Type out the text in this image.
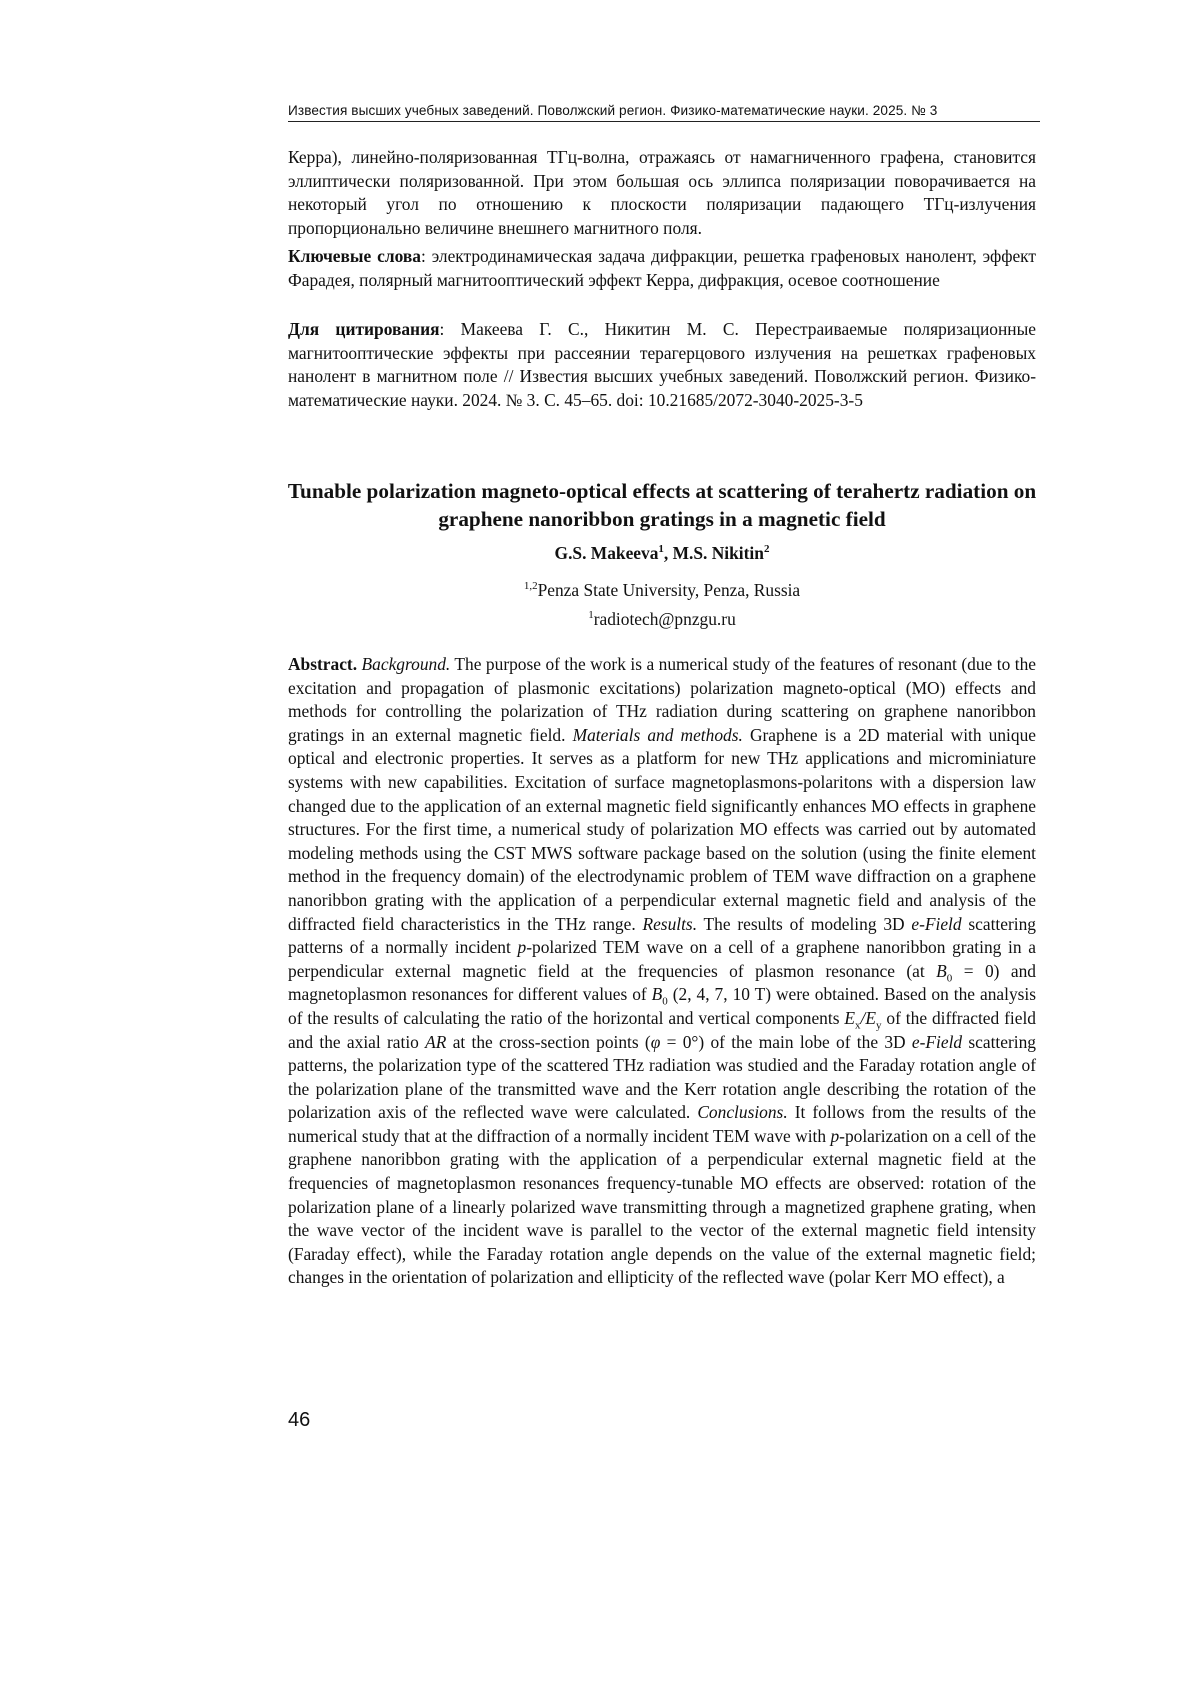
Известия высших учебных заведений. Поволжский регион. Физико-математические науки. 2025. № 3

Керра), линейно-поляризованная ТГц-волна, отражаясь от намагниченного графена, становится эллиптически поляризованной. При этом большая ось эллипса поляризации поворачивается на некоторый угол по отношению к плоскости поляризации падающего ТГц-излучения пропорционально величине внешнего магнитного поля.

Ключевые слова: электродинамическая задача дифракции, решетка графеновых нанолент, эффект Фарадея, полярный магнитооптический эффект Керра, дифракция, осевое соотношение

Для цитирования: Макеева Г. С., Никитин М. С. Перестраиваемые поляризационные магнитооптические эффекты при рассеянии терагерцового излучения на решетках графеновых нанолент в магнитном поле // Известия высших учебных заведений. Поволжский регион. Физико-математические науки. 2024. № 3. С. 45–65. doi: 10.21685/2072-3040-2025-3-5

Tunable polarization magneto-optical effects at scattering of terahertz radiation on graphene nanoribbon gratings in a magnetic field
G.S. Makeeva$^1$, M.S. Nikitin$^2$
$^{1,2}$Penza State University, Penza, Russia
$^1$radiotech@pnzgu.ru

Abstract. Background. The purpose of the work is a numerical study of the features of resonant (due to the excitation and propagation of plasmonic excitations) polarization magneto-optical (MO) effects and methods for controlling the polarization of THz radiation during scattering on graphene nanoribbon gratings in an external magnetic field. Materials and methods. Graphene is a 2D material with unique optical and electronic properties. It serves as a platform for new THz applications and microminiature systems with new capabilities. Excitation of surface magnetoplasmons-polaritons with a dispersion law changed due to the application of an external magnetic field significantly enhances MO effects in graphene structures. For the first time, a numerical study of polarization MO effects was carried out by automated modeling methods using the CST MWS software package based on the solution (using the finite element method in the frequency domain) of the electrodynamic problem of TEM wave diffraction on a graphene nanoribbon grating with the application of a perpendicular external magnetic field and analysis of the diffracted field characteristics in the THz range. Results. The results of modeling 3D e-Field scattering patterns of a normally incident p-polarized TEM wave on a cell of a graphene nanoribbon grating in a perpendicular external magnetic field at the frequencies of plasmon resonance (at $B_0 = 0$) and magnetoplasmon resonances for different values of $B_0$ (2, 4, 7, 10 T) were obtained. Based on the analysis of the results of calculating the ratio of the horizontal and vertical components $E_x/E_y$ of the diffracted field and the axial ratio AR at the cross-section points (φ = 0°) of the main lobe of the 3D e-Field scattering patterns, the polarization type of the scattered THz radiation was studied and the Faraday rotation angle of the polarization plane of the transmitted wave and the Kerr rotation angle describing the rotation of the polarization axis of the reflected wave were calculated. Conclusions. It follows from the results of the numerical study that at the diffraction of a normally incident TEM wave with p-polarization on a cell of the graphene nanoribbon grating with the application of a perpendicular external magnetic field at the frequencies of magnetoplasmon resonances frequency-tunable MO effects are observed: rotation of the polarization plane of a linearly polarized wave transmitting through a magnetized graphene grating, when the wave vector of the incident wave is parallel to the vector of the external magnetic field intensity (Faraday effect), while the Faraday rotation angle depends on the value of the external magnetic field; changes in the orientation of polarization and ellipticity of the reflected wave (polar Kerr MO effect), a

46
